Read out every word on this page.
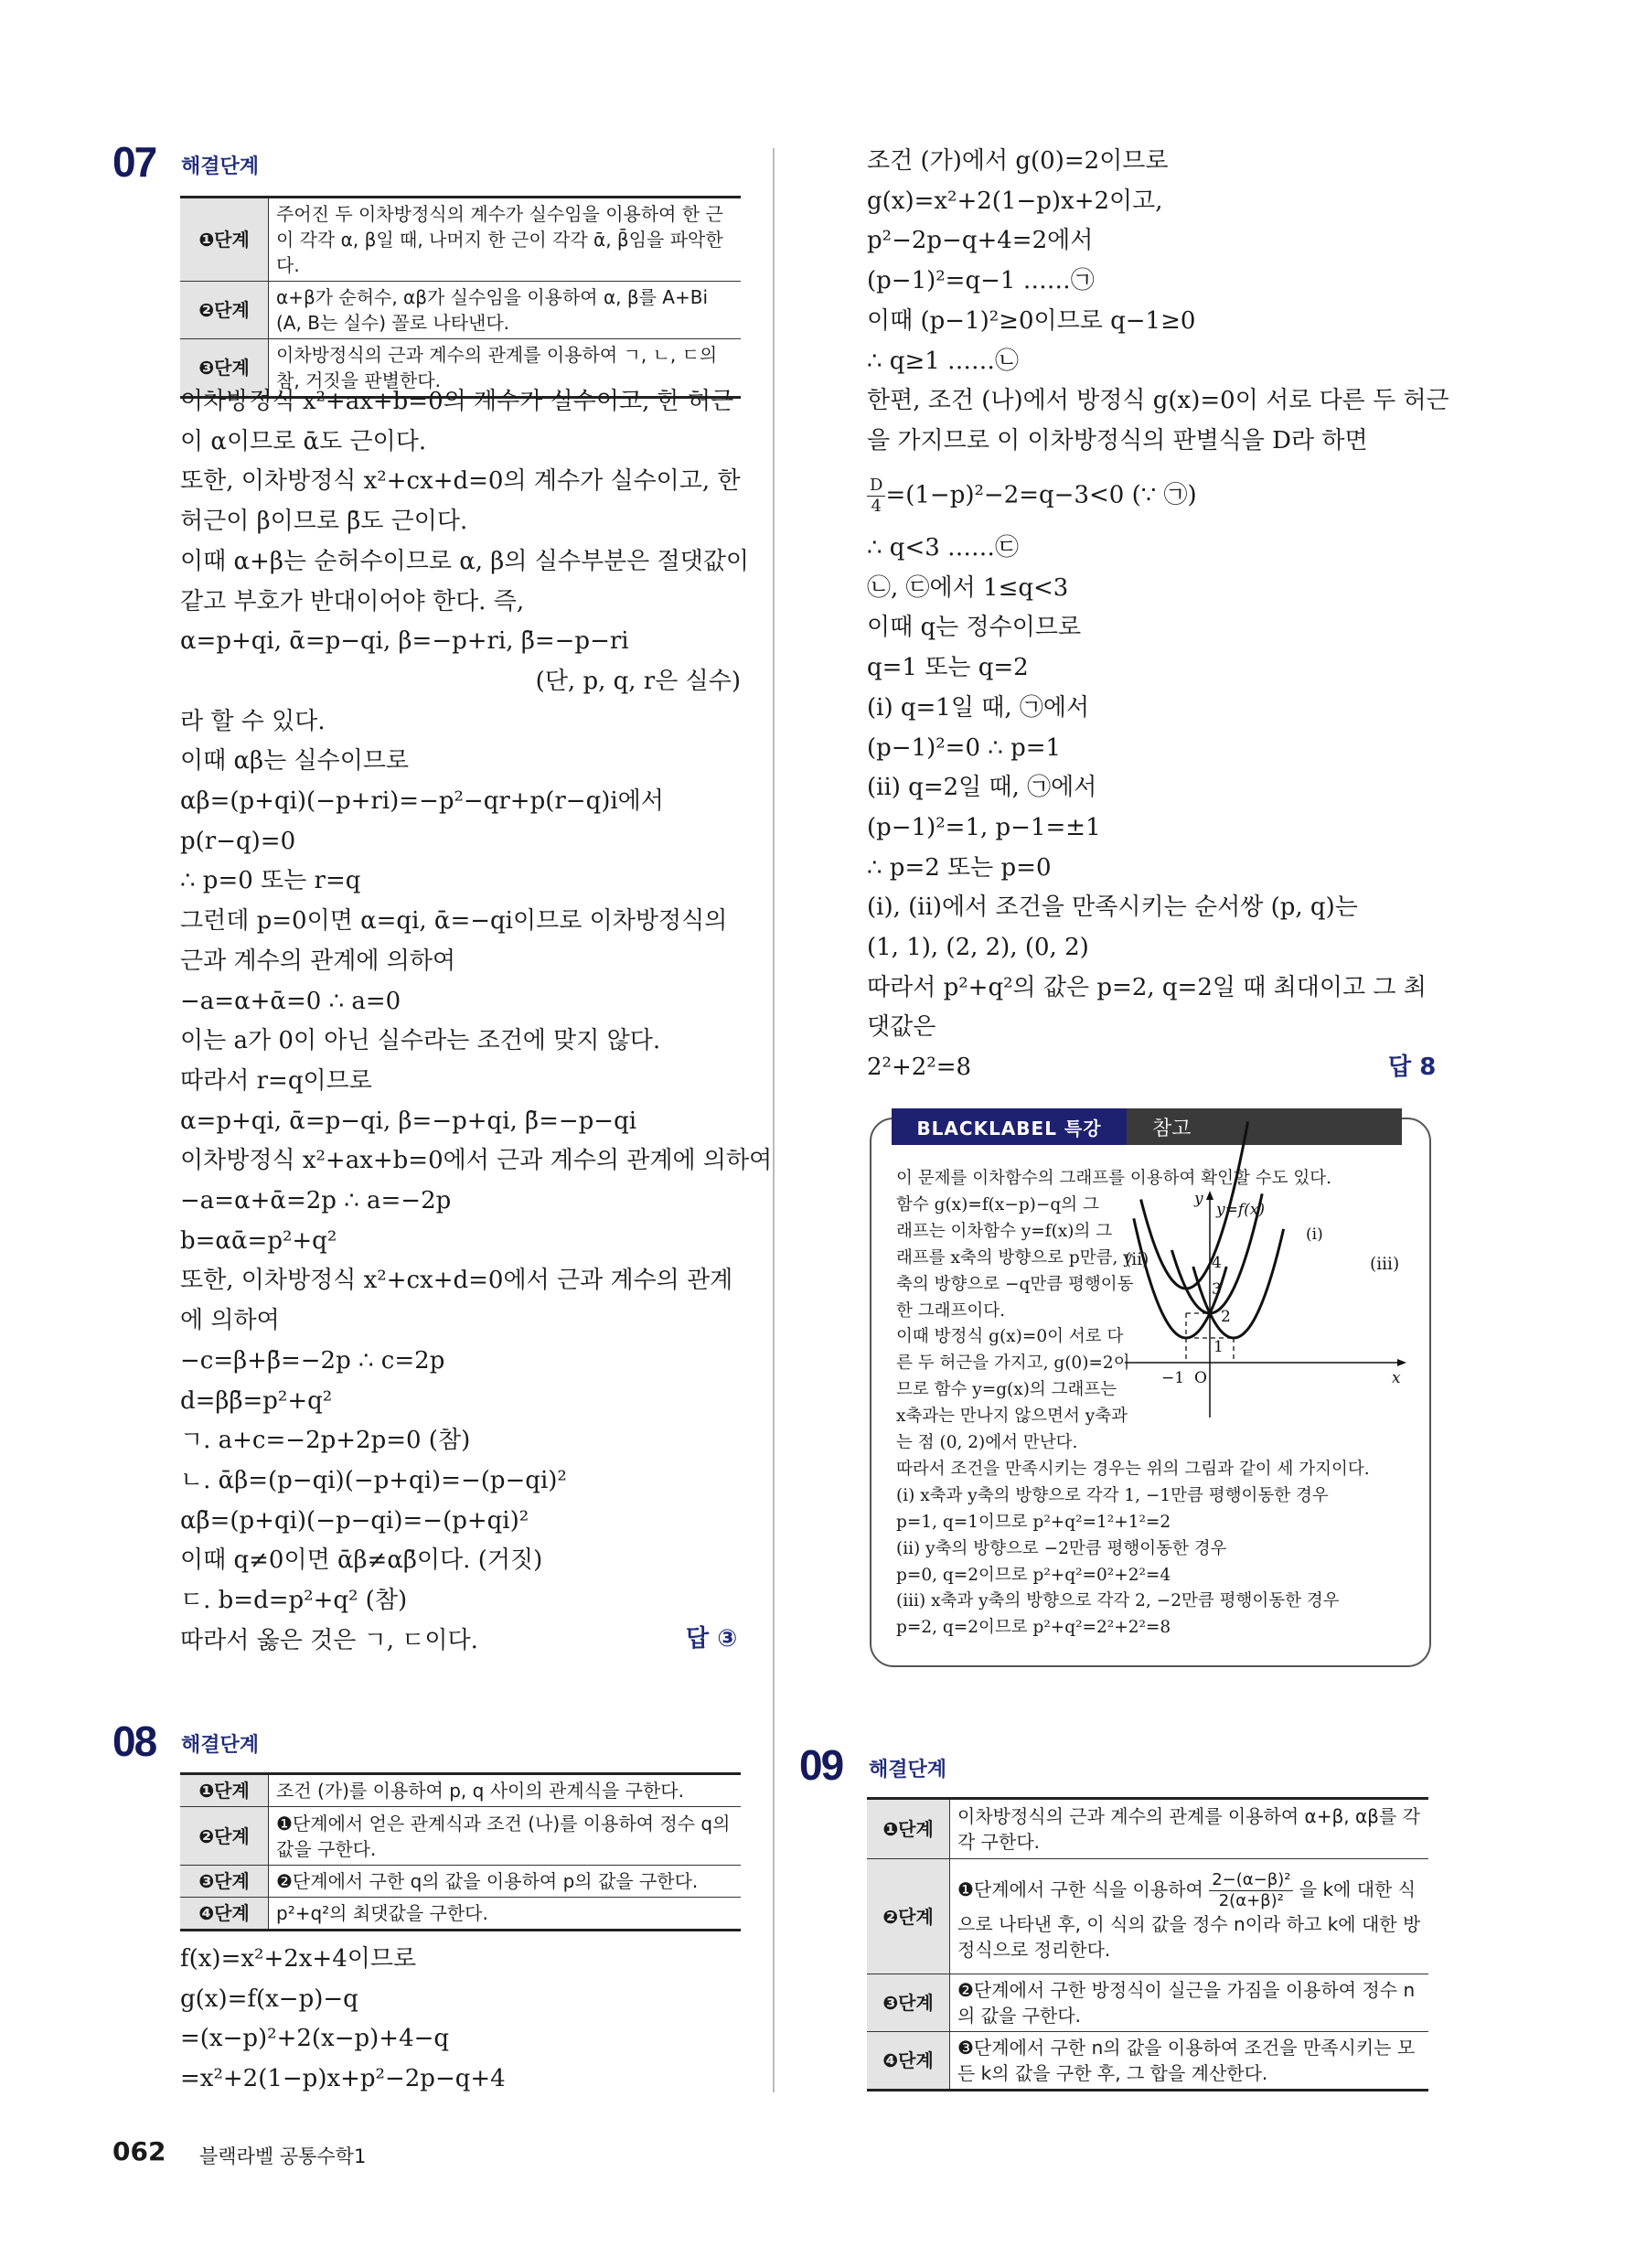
07 해결단계
❶단계	주어진 두 이차방정식의 계수가 실수임을 이용하여 한 근이 각각 α, β일 때, 나머지 한 근이 각각 ᾱ, β̄임을 파악한다.
❷단계	α+β가 순허수, αβ가 실수임을 이용하여 α, β를 A+Bi (A, B는 실수) 꼴로 나타낸다.
❸단계	이차방정식의 근과 계수의 관계를 이용하여 ㄱ, ㄴ, ㄷ의 참, 거짓을 판별한다.
이차방정식 x²+ax+b=0의 계수가 실수이고, 한 허근
이 α이므로 ᾱ도 근이다.
또한, 이차방정식 x²+cx+d=0의 계수가 실수이고, 한
허근이 β이므로 β̄도 근이다.
이때 α+β는 순허수이므로 α, β의 실수부분은 절댓값이
같고 부호가 반대이어야 한다. 즉,
α=p+qi, ᾱ=p−qi, β=−p+ri, β̄=−p−ri
(단, p, q, r은 실수)
라 할 수 있다.
이때 αβ는 실수이므로
αβ=(p+qi)(−p+ri)=−p²−qr+p(r−q)i에서
p(r−q)=0
∴ p=0 또는 r=q
그런데 p=0이면 α=qi, ᾱ=−qi이므로 이차방정식의
근과 계수의 관계에 의하여
−a=α+ᾱ=0 ∴ a=0
이는 a가 0이 아닌 실수라는 조건에 맞지 않다.
따라서 r=q이므로
α=p+qi, ᾱ=p−qi, β=−p+qi, β̄=−p−qi
이차방정식 x²+ax+b=0에서 근과 계수의 관계에 의하여
−a=α+ᾱ=2p ∴ a=−2p
b=αᾱ=p²+q²
또한, 이차방정식 x²+cx+d=0에서 근과 계수의 관계
에 의하여
−c=β+β̄=−2p ∴ c=2p
d=ββ̄=p²+q²
ㄱ. a+c=−2p+2p=0 (참)
ㄴ. ᾱβ=(p−qi)(−p+qi)=−(p−qi)²
αβ̄=(p+qi)(−p−qi)=−(p+qi)²
이때 q≠0이면 ᾱβ≠αβ̄이다. (거짓)
ㄷ. b=d=p²+q² (참)
따라서 옳은 것은 ㄱ, ㄷ이다.	답 ③
08 해결단계
❶단계	조건 (가)를 이용하여 p, q 사이의 관계식을 구한다.
❷단계	❶단계에서 얻은 관계식과 조건 (나)를 이용하여 정수 q의 값을 구한다.
❸단계	❷단계에서 구한 q의 값을 이용하여 p의 값을 구한다.
❹단계	p²+q²의 최댓값을 구한다.
f(x)=x²+2x+4이므로
g(x)=f(x−p)−q
=(x−p)²+2(x−p)+4−q
=x²+2(1−p)x+p²−2p−q+4
조건 (가)에서 g(0)=2이므로
g(x)=x²+2(1−p)x+2이고,
p²−2p−q+4=2에서
(p−1)²=q−1 ……㉠
이때 (p−1)²≥0이므로 q−1≥0
∴ q≥1 ……㉡
한편, 조건 (나)에서 방정식 g(x)=0이 서로 다른 두 허근
을 가지므로 이 이차방정식의 판별식을 D라 하면
$\frac{D}{4} =(1-p)^2-2=q-3<0$ (∵ ㉠)
∴ q<3 ……㉢
㉡, ㉢에서 1≤q<3
이때 q는 정수이므로
q=1 또는 q=2
(i) q=1일 때, ㉠에서
(p−1)²=0 ∴ p=1
(ii) q=2일 때, ㉠에서
(p−1)²=1, p−1=±1
∴ p=2 또는 p=0
(i), (ii)에서 조건을 만족시키는 순서쌍 (p, q)는
(1, 1), (2, 2), (0, 2)
따라서 p²+q²의 값은 p=2, q=2일 때 최대이고 그 최
댓값은
2²+2²=8	답 8
BLACKLABEL 특강	참고
이 문제를 이차함수의 그래프를 이용하여 확인할 수도 있다.
함수 g(x)=f(x−p)−q의 그
래프는 이차함수 y=f(x)의 그
래프를 x축의 방향으로 p만큼, y
축의 방향으로 −q만큼 평행이동
한 그래프이다.
이때 방정식 g(x)=0이 서로 다
른 두 허근을 가지고, g(0)=2이
므로 함수 y=g(x)의 그래프는
x축과는 만나지 않으면서 y축과
는 점 (0, 2)에서 만난다.
따라서 조건을 만족시키는 경우는 위의 그림과 같이 세 가지이다.
(i) x축과 y축의 방향으로 각각 1, −1만큼 평행이동한 경우
p=1, q=1이므로 p²+q²=1²+1²=2
(ii) y축의 방향으로 −2만큼 평행이동한 경우
p=0, q=2이므로 p²+q²=0²+2²=4
(iii) x축과 y축의 방향으로 각각 2, −2만큼 평행이동한 경우
p=2, q=2이므로 p²+q²=2²+2²=8
y
x
O
y=f(x)
(i)
4
3
2
1
−1
(ii)	(iii)
09 해결단계
❶단계	이차방정식의 근과 계수의 관계를 이용하여 α+β, αβ를 각각 구한다.
❷단계	❶단계에서 구한 식을 이용하여 $\frac{\text{2−(α−β)²}}{\text{2(α+β)²}}$ 을 k에 대한 식으로 나타낸 후, 이 식의 값을 정수 n이라 하고 k에 대한 방정식으로 정리한다.
❸단계	❷단계에서 구한 방정식이 실근을 가짐을 이용하여 정수 n의 값을 구한다.
❹단계	❸단계에서 구한 n의 값을 이용하여 조건을 만족시키는 모든 k의 값을 구한 후, 그 합을 계산한다.
062 블랙라벨 공통수학1
